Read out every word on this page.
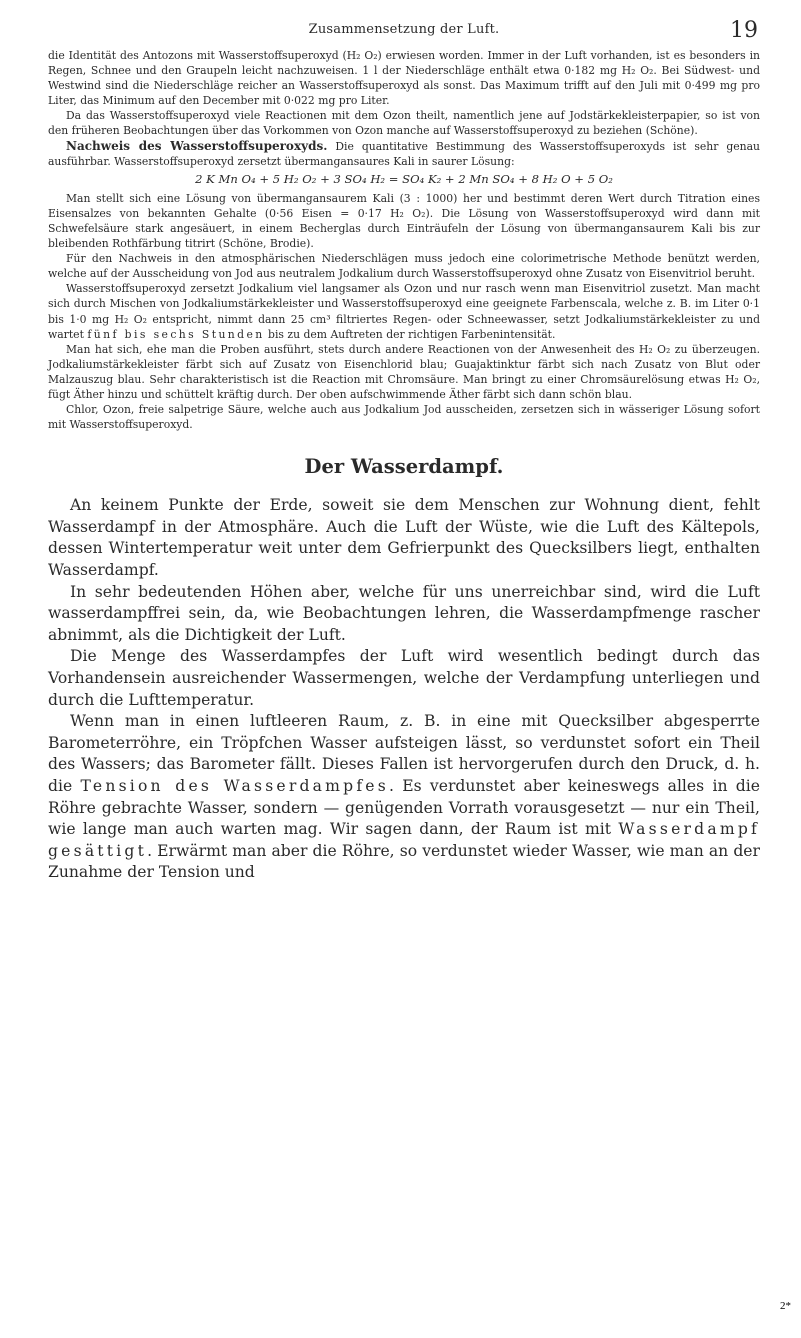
Zusammensetzung der Luft.	19

die Identität des Antozons mit Wasserstoffsuperoxyd (H₂ O₂) erwiesen worden. Immer in der Luft vorhanden, ist es besonders in Regen, Schnee und den Graupeln leicht nachzuweisen. 1 l der Niederschläge enthält etwa 0·182 mg H₂ O₂. Bei Südwest- und Westwind sind die Niederschläge reicher an Wasserstoffsuperoxyd als sonst. Das Maximum trifft auf den Juli mit 0·499 mg pro Liter, das Minimum auf den December mit 0·022 mg pro Liter.

Da das Wasserstoffsuperoxyd viele Reactionen mit dem Ozon theilt, namentlich jene auf Jodstärkekleisterpapier, so ist von den früheren Beobachtungen über das Vorkommen von Ozon manche auf Wasserstoffsuperoxyd zu beziehen (Schöne).

Nachweis des Wasserstoffsuperoxyds. Die quantitative Bestimmung des Wasserstoffsuperoxyds ist sehr genau ausführbar. Wasserstoffsuperoxyd zersetzt übermangansaures Kali in saurer Lösung:

2 K Mn O₄ + 5 H₂ O₂ + 3 SO₄ H₂ = SO₄ K₂ + 2 Mn SO₄ + 8 H₂ O + 5 O₂

Man stellt sich eine Lösung von übermangansaurem Kali (3 : 1000) her und bestimmt deren Wert durch Titration eines Eisensalzes von bekannten Gehalte (0·56 Eisen = 0·17 H₂ O₂). Die Lösung von Wasserstoffsuperoxyd wird dann mit Schwefelsäure stark angesäuert, in einem Becherglas durch Einträufeln der Lösung von übermangansaurem Kali bis zur bleibenden Rothfärbung titrirt (Schöne, Brodie).

Für den Nachweis in den atmosphärischen Niederschlägen muss jedoch eine colorimetrische Methode benützt werden, welche auf der Ausscheidung von Jod aus neutralem Jodkalium durch Wasserstoffsuperoxyd ohne Zusatz von Eisenvitriol beruht.

Wasserstoffsuperoxyd zersetzt Jodkalium viel langsamer als Ozon und nur rasch wenn man Eisenvitriol zusetzt. Man macht sich durch Mischen von Jodkaliumstärkekleister und Wasserstoffsuperoxyd eine geeignete Farbenscala, welche z. B. im Liter 0·1 bis 1·0 mg H₂ O₂ entspricht, nimmt dann 25 cm³ filtriertes Regen- oder Schneewasser, setzt Jodkaliumstärkekleister zu und wartet fünf bis sechs Stunden bis zu dem Auftreten der richtigen Farbenintensität.

Man hat sich, ehe man die Proben ausführt, stets durch andere Reactionen von der Anwesenheit des H₂ O₂ zu überzeugen. Jodkaliumstärkekleister färbt sich auf Zusatz von Eisenchlorid blau; Guajaktinktur färbt sich nach Zusatz von Blut oder Malzauszug blau. Sehr charakteristisch ist die Reaction mit Chromsäure. Man bringt zu einer Chromsäurelösung etwas H₂ O₂, fügt Äther hinzu und schüttelt kräftig durch. Der oben aufschwimmende Äther färbt sich dann schön blau.

Chlor, Ozon, freie salpetrige Säure, welche auch aus Jodkalium Jod ausscheiden, zersetzen sich in wässeriger Lösung sofort mit Wasserstoffsuperoxyd.

Der Wasserdampf.

An keinem Punkte der Erde, soweit sie dem Menschen zur Wohnung dient, fehlt Wasserdampf in der Atmosphäre. Auch die Luft der Wüste, wie die Luft des Kältepols, dessen Wintertemperatur weit unter dem Gefrierpunkt des Quecksilbers liegt, enthalten Wasserdampf.

In sehr bedeutenden Höhen aber, welche für uns unerreichbar sind, wird die Luft wasserdampffrei sein, da, wie Beobachtungen lehren, die Wasserdampfmenge rascher abnimmt, als die Dichtigkeit der Luft.

Die Menge des Wasserdampfes der Luft wird wesentlich bedingt durch das Vorhandensein ausreichender Wassermengen, welche der Verdampfung unterliegen und durch die Lufttemperatur.

Wenn man in einen luftleeren Raum, z. B. in eine mit Quecksilber abgesperrte Barometerröhre, ein Tröpfchen Wasser aufsteigen lässt, so verdunstet sofort ein Theil des Wassers; das Barometer fällt. Dieses Fallen ist hervorgerufen durch den Druck, d. h. die Tension des Wasserdampfes. Es verdunstet aber keineswegs alles in die Röhre gebrachte Wasser, sondern — genügenden Vorrath vorausgesetzt — nur ein Theil, wie lange man auch warten mag. Wir sagen dann, der Raum ist mit Wasserdampf gesättigt. Erwärmt man aber die Röhre, so verdunstet wieder Wasser, wie man an der Zunahme der Tension und

2*
